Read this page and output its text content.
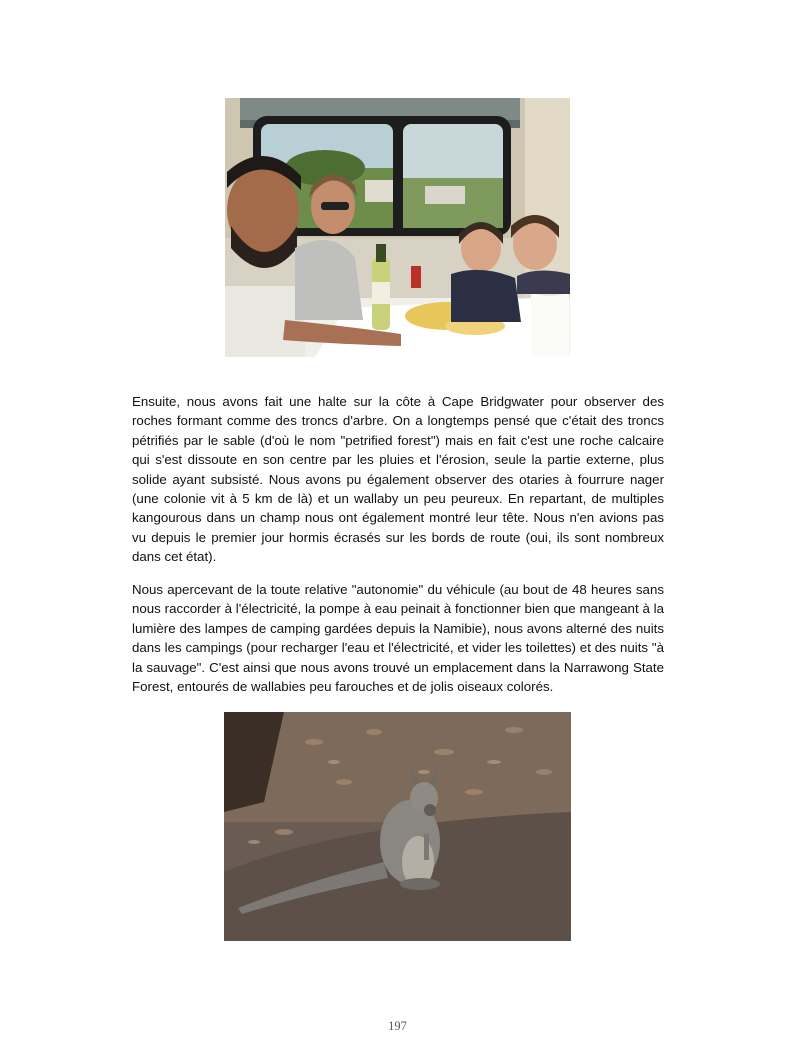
Ensuite, nous avons fait une halte sur la côte à Cape Bridgwater pour observer des roches formant comme des troncs d'arbre. On a longtemps pensé que c'était des troncs pétrifiés par le sable (d'où le nom "petrified forest") mais en fait c'est une roche calcaire qui s'est dissoute en son centre par les pluies et l'érosion, seule la partie externe, plus solide ayant subsisté. Nous avons pu également observer des otaries à fourrure nager (une colonie vit à 5 km de là) et un wallaby un peu peureux. En repartant, de multiples kangourous dans un champ nous ont également montré leur tête. Nous n'en avions pas vu depuis le premier jour hormis écrasés sur les bords de route (oui, ils sont nombreux dans cet état).

Nous apercevant de la toute relative "autonomie" du véhicule (au bout de 48 heures sans nous raccorder à l'électricité, la pompe à eau peinait à fonctionner bien que mangeant à la lumière des lampes de camping gardées depuis la Namibie), nous avons alterné des nuits dans les campings (pour recharger l'eau et l'électricité, et vider les toilettes) et des nuits "à la sauvage". C'est ainsi que nous avons trouvé un emplacement dans la Narrawong State Forest, entourés de wallabies peu farouches et de jolis oiseaux colorés.

197
